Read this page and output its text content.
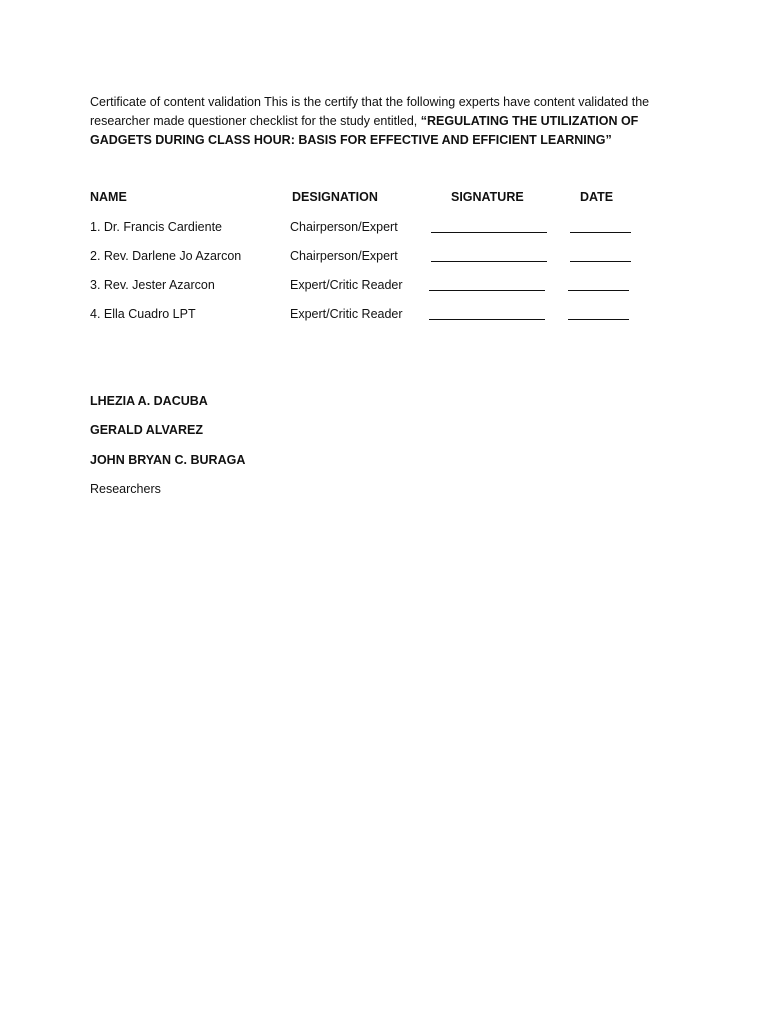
Certificate of content validation This is the certify that the following experts have content validated the researcher made questioner checklist for the study entitled, “REGULATING THE UTILIZATION OF GADGETS DURING CLASS HOUR: BASIS FOR EFFECTIVE AND EFFICIENT LEARNING”

NAME	DESIGNATION	SIGNATURE	DATE
1. Dr. Francis Cardiente	Chairperson/Expert
2. Rev. Darlene Jo Azarcon	Chairperson/Expert
3. Rev. Jester Azarcon	Expert/Critic Reader
4. Ella Cuadro LPT	Expert/Critic Reader
LHEZIA A. DACUBA
GERALD ALVAREZ
JOHN BRYAN C. BURAGA
Researchers
